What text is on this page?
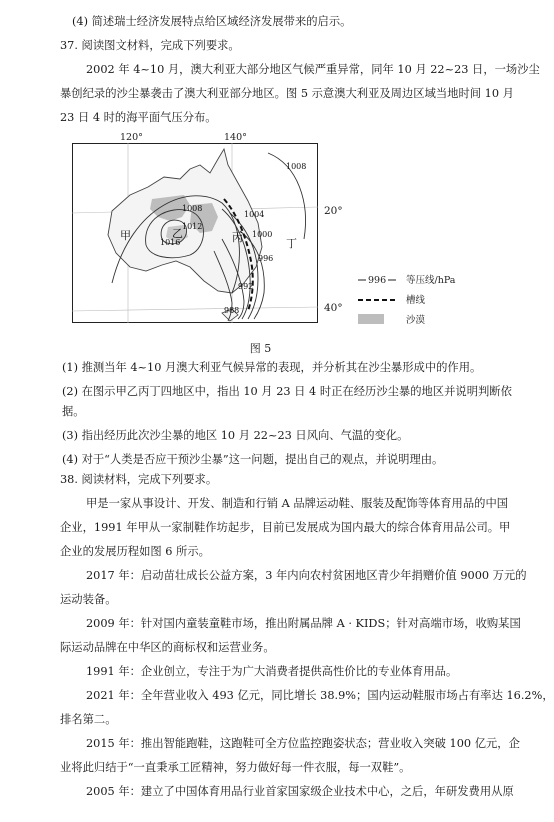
(4) 简述瑞士经济发展特点给区域经济发展带来的启示。
37. 阅读图文材料，完成下列要求。
2002 年 4~10 月，澳大利亚大部分地区气候严重异常，同年 10 月 22~23 日，一场沙尘
暴创纪录的沙尘暴袭击了澳大利亚部分地区。图 5 示意澳大利亚及周边区域当地时间 10 月
23 日 4 时的海平面气压分布。
120°	140°
甲	乙	丙	丁
1008
1008
1012
1016
1004
1000
996
992
988
20°
40°
996 等压线/hPa
槽线
沙漠
图 5
(1) 推测当年 4~10 月澳大利亚气候异常的表现，并分析其在沙尘暴形成中的作用。
(2) 在图示甲乙丙丁四地区中，指出 10 月 23 日 4 时正在经历沙尘暴的地区并说明判断依
据。
(3) 指出经历此次沙尘暴的地区 10 月 22~23 日风向、气温的变化。
(4) 对于“人类是否应干预沙尘暴”这一问题，提出自己的观点，并说明理由。
38. 阅读材料，完成下列要求。
甲是一家从事设计、开发、制造和行销 A 品牌运动鞋、服装及配饰等体育用品的中国
企业，1991 年甲从一家制鞋作坊起步，目前已发展成为国内最大的综合体育用品公司。甲
企业的发展历程如图 6 所示。
2017 年：启动苗壮成长公益方案，3 年内向农村贫困地区青少年捐赠价值 9000 万元的
运动装备。
2009 年：针对国内童装童鞋市场，推出附属品牌 A · KIDS；针对高端市场，收购某国
际运动品牌在中华区的商标权和运营业务。
1991 年：企业创立，专注于为广大消费者提供高性价比的专业体育用品。
2021 年：全年营业收入 493 亿元，同比增长 38.9%；国内运动鞋服市场占有率达 16.2%，
排名第二。
2015 年：推出智能跑鞋，这跑鞋可全方位监控跑姿状态；营业收入突破 100 亿元，企
业将此归结于“一直秉承工匠精神，努力做好每一件衣服，每一双鞋”。
2005 年：建立了中国体育用品行业首家国家级企业技术中心，之后，年研发费用从原
